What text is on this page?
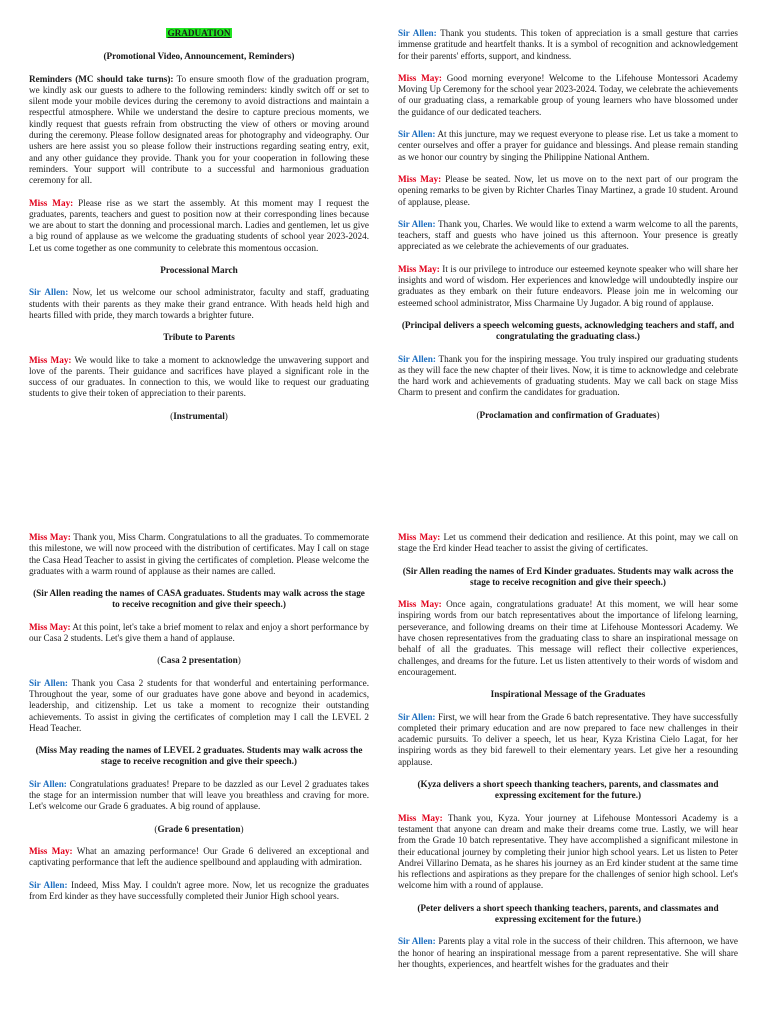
GRADUATION

(Promotional Video, Announcement, Reminders)

Reminders (MC should take turns): To ensure smooth flow of the graduation program, we kindly ask our guests to adhere to the following reminders: kindly switch off or set to silent mode your mobile devices during the ceremony to avoid distractions and maintain a respectful atmosphere. While we understand the desire to capture precious moments, we kindly request that guests refrain from obstructing the view of others or moving around during the ceremony. Please follow designated areas for photography and videography. Our ushers are here assist you so please follow their instructions regarding seating entry, exit, and any other guidance they provide. Thank you for your cooperation in following these reminders. Your support will contribute to a successful and harmonious graduation ceremony for all.

Miss May: Please rise as we start the assembly. At this moment may I request the graduates, parents, teachers and guest to position now at their corresponding lines because we are about to start the donning and processional march. Ladies and gentlemen, let us give a big round of applause as we welcome the graduating students of school year 2023-2024. Let us come together as one community to celebrate this momentous occasion.

Processional March

Sir Allen: Now, let us welcome our school administrator, faculty and staff, graduating students with their parents as they make their grand entrance. With heads held high and hearts filled with pride, they march towards a brighter future.

Tribute to Parents

Miss May: We would like to take a moment to acknowledge the unwavering support and love of the parents. Their guidance and sacrifices have played a significant role in the success of our graduates. In connection to this, we would like to request our graduating students to give their token of appreciation to their parents.

(Instrumental)

Sir Allen: Thank you students. This token of appreciation is a small gesture that carries immense gratitude and heartfelt thanks. It is a symbol of recognition and acknowledgement for their parents' efforts, support, and kindness.

Miss May: Good morning everyone! Welcome to the Lifehouse Montessori Academy Moving Up Ceremony for the school year 2023-2024. Today, we celebrate the achievements of our graduating class, a remarkable group of young learners who have blossomed under the guidance of our dedicated teachers.

Sir Allen: At this juncture, may we request everyone to please rise. Let us take a moment to center ourselves and offer a prayer for guidance and blessings. And please remain standing as we honor our country by singing the Philippine National Anthem.

Miss May: Please be seated. Now, let us move on to the next part of our program the opening remarks to be given by Richter Charles Tinay Martinez, a grade 10 student. Around of applause, please.

Sir Allen: Thank you, Charles. We would like to extend a warm welcome to all the parents, teachers, staff and guests who have joined us this afternoon. Your presence is greatly appreciated as we celebrate the achievements of our graduates.

Miss May: It is our privilege to introduce our esteemed keynote speaker who will share her insights and word of wisdom. Her experiences and knowledge will undoubtedly inspire our graduates as they embark on their future endeavors. Please join me in welcoming our esteemed school administrator, Miss Charmaine Uy Jugador. A big round of applause.

(Principal delivers a speech welcoming guests, acknowledging teachers and staff, and congratulating the graduating class.)

Sir Allen: Thank you for the inspiring message. You truly inspired our graduating students as they will face the new chapter of their lives. Now, it is time to acknowledge and celebrate the hard work and achievements of graduating students. May we call back on stage Miss Charm to present and confirm the candidates for graduation.

(Proclamation and confirmation of Graduates)

Miss May: Thank you, Miss Charm. Congratulations to all the graduates. To commemorate this milestone, we will now proceed with the distribution of certificates. May I call on stage the Casa Head Teacher to assist in giving the certificates of completion. Please welcome the graduates with a warm round of applause as their names are called.

(Sir Allen reading the names of CASA graduates. Students may walk across the stage to receive recognition and give their speech.)

Miss May: At this point, let's take a brief moment to relax and enjoy a short performance by our Casa 2 students. Let's give them a hand of applause.

(Casa 2 presentation)

Sir Allen: Thank you Casa 2 students for that wonderful and entertaining performance. Throughout the year, some of our graduates have gone above and beyond in academics, leadership, and citizenship. Let us take a moment to recognize their outstanding achievements. To assist in giving the certificates of completion may I call the LEVEL 2 Head Teacher.

(Miss May reading the names of LEVEL 2 graduates. Students may walk across the stage to receive recognition and give their speech.)

Sir Allen: Congratulations graduates! Prepare to be dazzled as our Level 2 graduates takes the stage for an intermission number that will leave you breathless and craving for more. Let's welcome our Grade 6 graduates. A big round of applause.

(Grade 6 presentation)

Miss May: What an amazing performance! Our Grade 6 delivered an exceptional and captivating performance that left the audience spellbound and applauding with admiration.

Sir Allen: Indeed, Miss May. I couldn't agree more. Now, let us recognize the graduates from Erd kinder as they have successfully completed their Junior High school years.

Miss May: Let us commend their dedication and resilience. At this point, may we call on stage the Erd kinder Head teacher to assist the giving of certificates.

(Sir Allen reading the names of Erd Kinder graduates. Students may walk across the stage to receive recognition and give their speech.)

Miss May: Once again, congratulations graduate! At this moment, we will hear some inspiring words from our batch representatives about the importance of lifelong learning, perseverance, and following dreams on their time at Lifehouse Montessori Academy. We have chosen representatives from the graduating class to share an inspirational message on behalf of all the graduates. This message will reflect their collective experiences, challenges, and dreams for the future. Let us listen attentively to their words of wisdom and encouragement.

Inspirational Message of the Graduates

Sir Allen: First, we will hear from the Grade 6 batch representative. They have successfully completed their primary education and are now prepared to face new challenges in their academic pursuits. To deliver a speech, let us hear, Kyza Kristina Cielo Lagat, for her inspiring words as they bid farewell to their elementary years. Let give her a resounding applause.

(Kyza delivers a short speech thanking teachers, parents, and classmates and expressing excitement for the future.)

Miss May: Thank you, Kyza. Your journey at Lifehouse Montessori Academy is a testament that anyone can dream and make their dreams come true. Lastly, we will hear from the Grade 10 batch representative. They have accomplished a significant milestone in their educational journey by completing their junior high school years. Let us listen to Peter Andrei Villarino Demata, as he shares his journey as an Erd kinder student at the same time his reflections and aspirations as they prepare for the challenges of senior high school. Let's welcome him with a round of applause.

(Peter delivers a short speech thanking teachers, parents, and classmates and expressing excitement for the future.)

Sir Allen: Parents play a vital role in the success of their children. This afternoon, we have the honor of hearing an inspirational message from a parent representative. She will share her thoughts, experiences, and heartfelt wishes for the graduates and their
